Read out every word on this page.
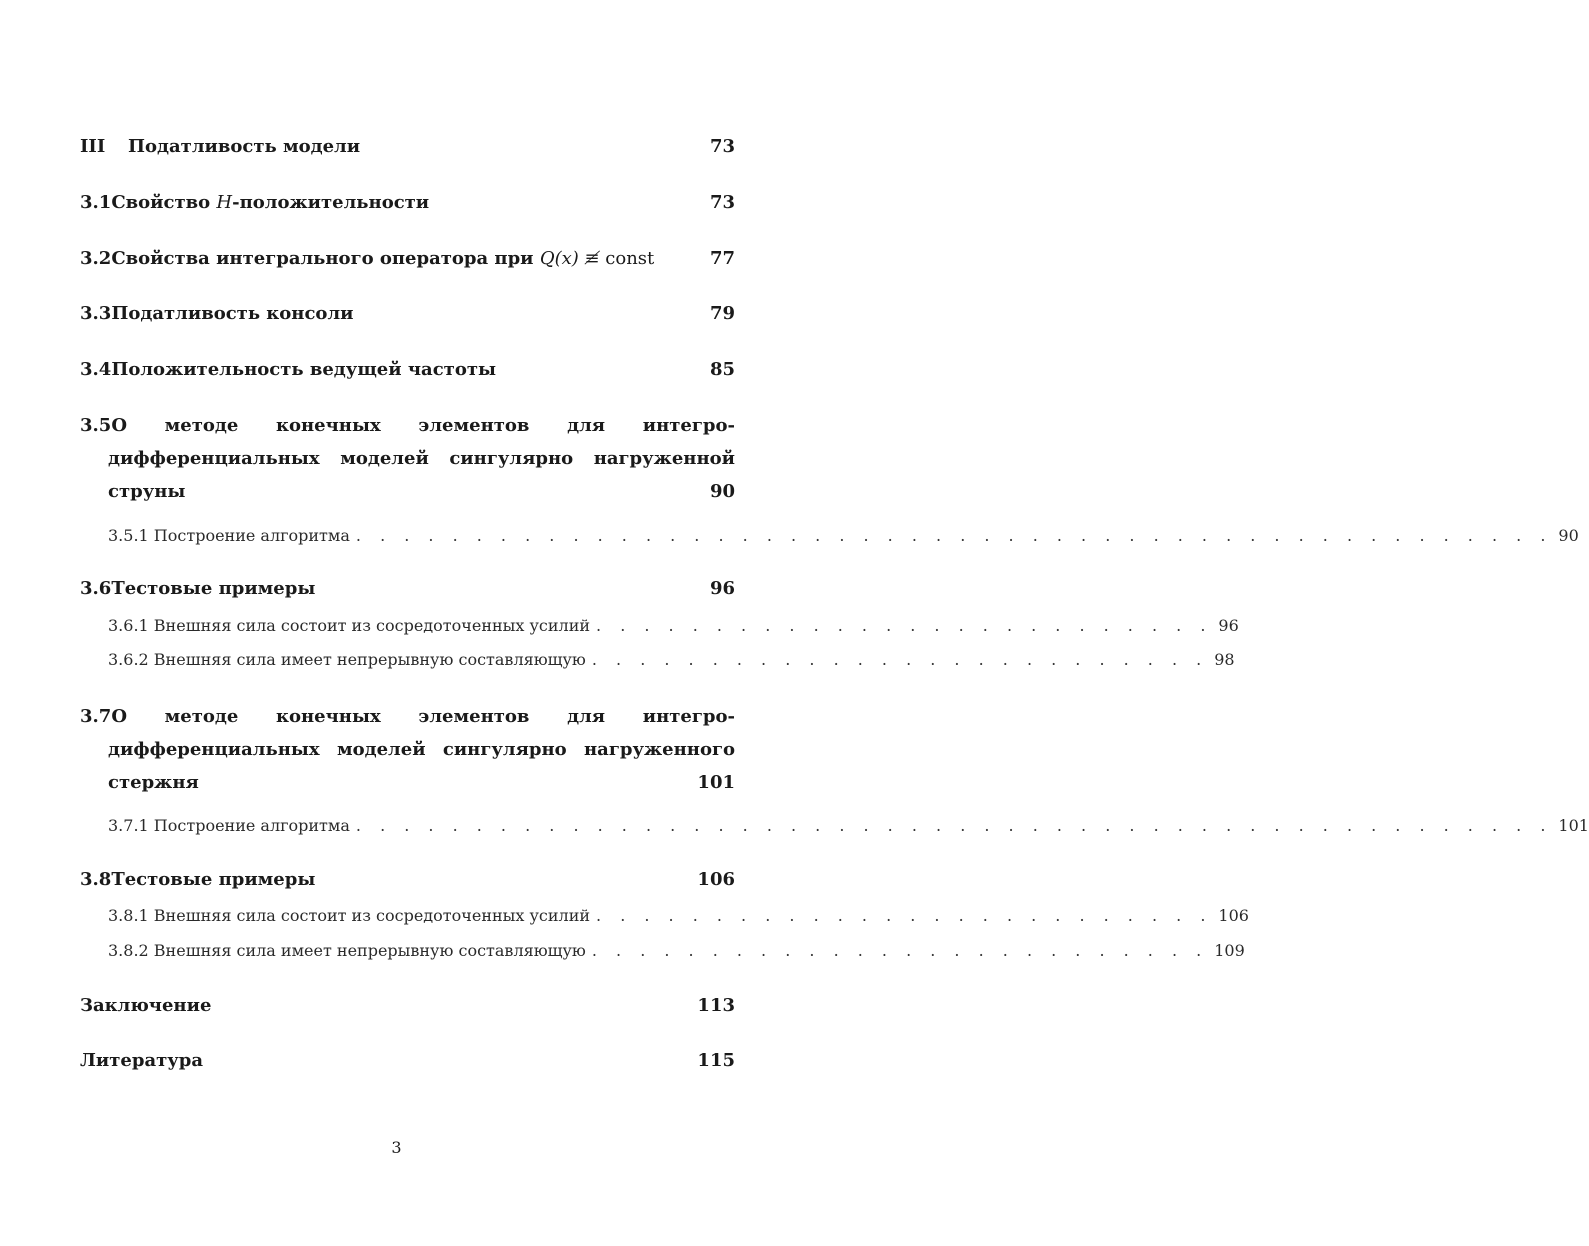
III	Податливость модели	73
3.1 Свойство H-положительности	73
3.2 Свойства интегрального оператора при Q(x) ≢ const	77
3.3 Податливость консоли	79
3.4 Положительность ведущей частоты	85
3.5О методе конечных элементов для интегро-
дифференциальных моделей сингулярно нагруженной
струны	90
3.5.1 Построение алгоритма . . . . . . . . . . . . . . . . . . . . . . . . . . . . . . . . . . . . . . . . . . . . . . . . . . 90
3.6 Тестовые примеры	96
3.6.1 Внешняя сила состоит из сосредоточенных усилий . . . . . . . . . . . . . . . . . . . . . . . . . . 96
3.6.2 Внешняя сила имеет непрерывную составляющую . . . . . . . . . . . . . . . . . . . . . . . . . . 98
3.7О методе конечных элементов для интегро-
дифференциальных моделей сингулярно нагруженного
стержня	101
3.7.1 Построение алгоритма . . . . . . . . . . . . . . . . . . . . . . . . . . . . . . . . . . . . . . . . . . . . . . . . . . 101
3.8 Тестовые примеры	106
3.8.1 Внешняя сила состоит из сосредоточенных усилий . . . . . . . . . . . . . . . . . . . . . . . . . . 106
3.8.2 Внешняя сила имеет непрерывную составляющую . . . . . . . . . . . . . . . . . . . . . . . . . . 109
Заключение	113
Литература	115
3
